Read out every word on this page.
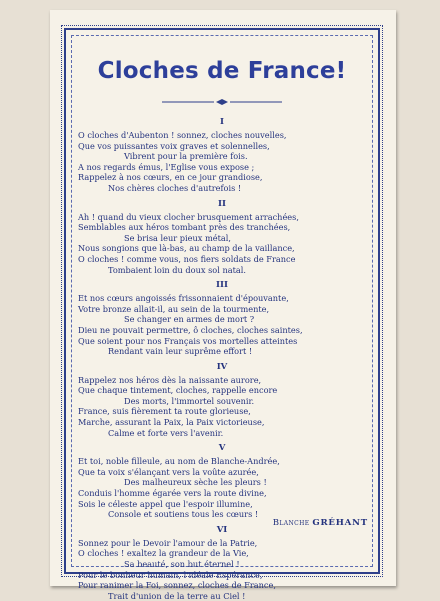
Cloches de France!
I
O cloches d'Aubenton ! sonnez, cloches nouvelles,
Que vos puissantes voix graves et solennelles,
Vibrent pour la première fois.
A nos regards émus, l'Eglise vous expose ;
Rappelez à nos cœurs, en ce jour grandiose,
Nos chères cloches d'autrefois !
II
Ah ! quand du vieux clocher brusquement arrachées,
Semblables aux héros tombant près des tranchées,
Se brisa leur pieux métal,
Nous songions que là-bas, au champ de la vaillance,
O cloches ! comme vous, nos fiers soldats de France
Tombaient loin du doux sol natal.
III
Et nos cœurs angoissés frissonnaient d'épouvante,
Votre bronze allait-il, au sein de la tourmente,
Se changer en armes de mort ?
Dieu ne pouvait permettre, ô cloches, cloches saintes,
Que soient pour nos Français vos mortelles atteintes
Rendant vain leur suprême effort !
IV
Rappelez nos héros dès la naissante aurore,
Que chaque tintement, cloches, rappelle encore
Des morts, l'immortel souvenir.
France, suis fièrement ta route glorieuse,
Marche, assurant la Paix, la Paix victorieuse,
Calme et forte vers l'avenir.
V
Et toi, noble filleule, au nom de Blanche-Andrée,
Que ta voix s'élançant vers la voûte azurée,
Des malheureux sèche les pleurs !
Conduis l'homme égarée vers la route divine,
Sois le céleste appel que l'espoir illumine,
Console et soutiens tous les cœurs !
VI
Sonnez pour le Devoir l'amour de la Patrie,
O cloches ! exaltez la grandeur de la Vie,
Sa beauté, son but éternel !
Pour le bonheur humain, l'idéale Espérance,
Pour ranimer la Foi, sonnez, cloches de France,
Trait d'union de la terre au Ciel !
Blanche GRÉHANT
